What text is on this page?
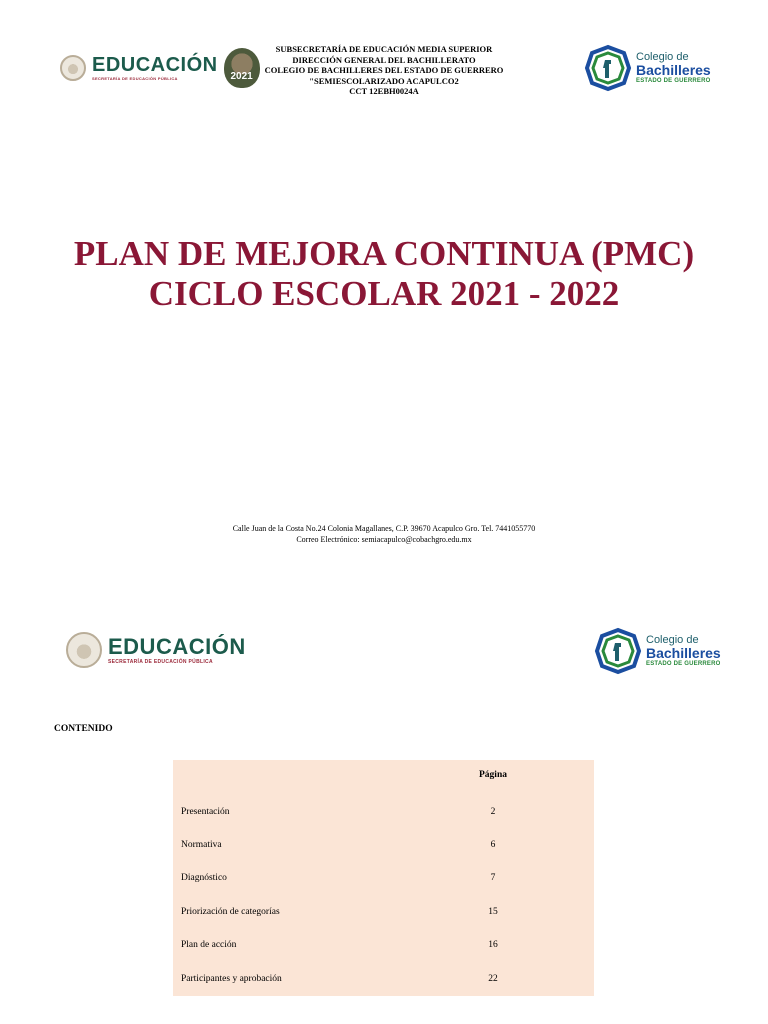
EDUCACIÓN
SECRETARÍA DE EDUCACIÓN PÚBLICA	2021
SUBSECRETARÍA DE EDUCACIÓN MEDIA SUPERIOR
DIRECCIÓN GENERAL DEL BACHILLERATO
COLEGIO DE BACHILLERES DEL ESTADO DE GUERRERO
"SEMIESCOLARIZADO ACAPULCO2
CCT 12EBH0024A
Colegio de
Bachilleres
ESTADO DE GUERRERO
PLAN DE MEJORA CONTINUA (PMC)
CICLO ESCOLAR 2021 - 2022
Calle Juan de la Costa No.24 Colonia Magallanes, C.P. 39670 Acapulco Gro. Tel. 7441055770
Correo Electrónico: semiacapulco@cobachgro.edu.mx
EDUCACIÓN
SECRETARÍA DE EDUCACIÓN PÚBLICA
Colegio de
Bachilleres
ESTADO DE GUERRERO
CONTENIDO
Página
Presentación	2
Normativa	6
Diagnóstico	7
Priorización de categorías	15
Plan de acción	16
Participantes y aprobación	22
